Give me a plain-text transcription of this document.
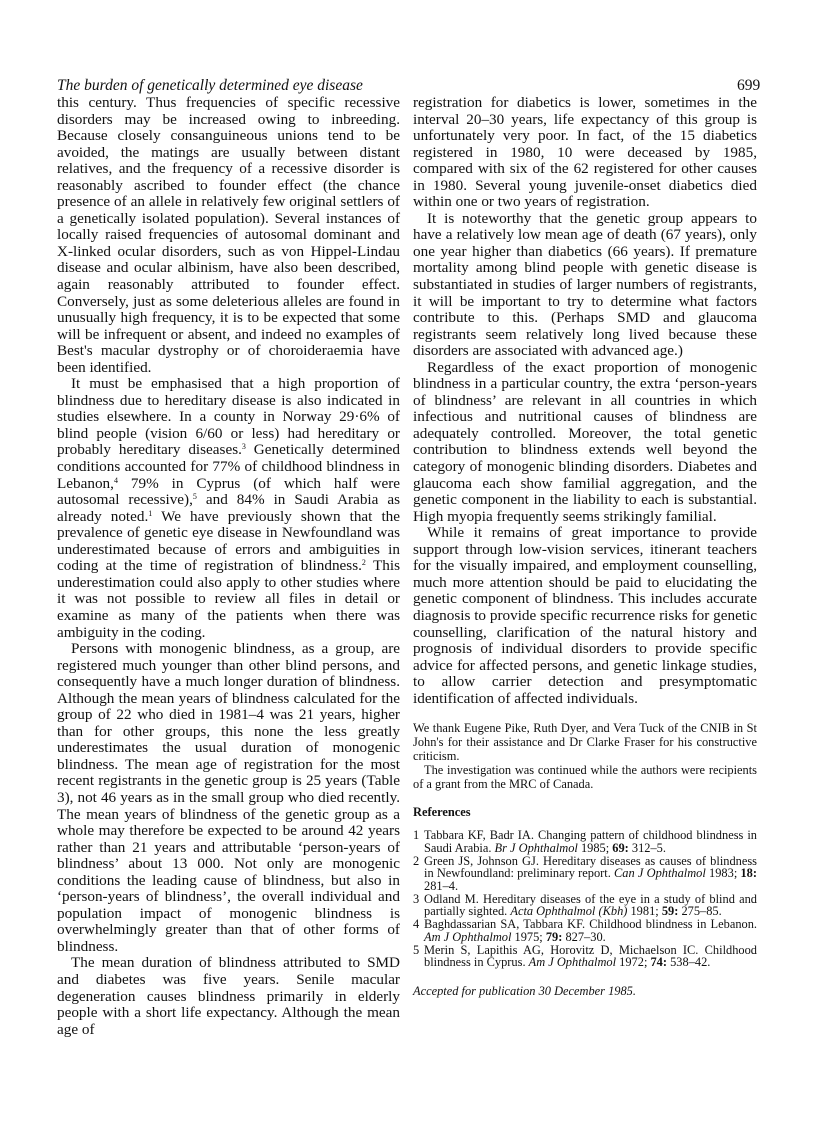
The burden of genetically determined eye disease	699

this century. Thus frequencies of specific recessive disorders may be increased owing to inbreeding. Because closely consanguineous unions tend to be avoided, the matings are usually between distant relatives, and the frequency of a recessive disorder is reasonably ascribed to founder effect (the chance presence of an allele in relatively few original settlers of a genetically isolated population). Several instances of locally raised frequencies of autosomal dominant and X-linked ocular disorders, such as von Hippel-Lindau disease and ocular albinism, have also been described, again reasonably attributed to founder effect. Conversely, just as some deleterious alleles are found in unusually high frequency, it is to be expected that some will be infrequent or absent, and indeed no examples of Best's macular dystrophy or of choroideraemia have been identified.

It must be emphasised that a high proportion of blindness due to hereditary disease is also indicated in studies elsewhere. In a county in Norway 29·6% of blind people (vision 6/60 or less) had hereditary or probably hereditary diseases.$^3$ Genetically determined conditions accounted for 77% of childhood blindness in Lebanon,$^4$ 79% in Cyprus (of which half were autosomal recessive),$^5$ and 84% in Saudi Arabia as already noted.$^1$ We have previously shown that the prevalence of genetic eye disease in Newfoundland was underestimated because of errors and ambiguities in coding at the time of registration of blindness.$^2$ This underestimation could also apply to other studies where it was not possible to review all files in detail or examine as many of the patients when there was ambiguity in the coding.

Persons with monogenic blindness, as a group, are registered much younger than other blind persons, and consequently have a much longer duration of blindness. Although the mean years of blindness calculated for the group of 22 who died in 1981–4 was 21 years, higher than for other groups, this none the less greatly underestimates the usual duration of monogenic blindness. The mean age of registration for the most recent registrants in the genetic group is 25 years (Table 3), not 46 years as in the small group who died recently. The mean years of blindness of the genetic group as a whole may therefore be expected to be around 42 years rather than 21 years and attributable ‘person-years of blindness’ about 13 000. Not only are monogenic conditions the leading cause of blindness, but also in ‘person-years of blindness’, the overall individual and population impact of monogenic blindness is overwhelmingly greater than that of other forms of blindness.

The mean duration of blindness attributed to SMD and diabetes was five years. Senile macular degeneration causes blindness primarily in elderly people with a short life expectancy. Although the mean age of

registration for diabetics is lower, sometimes in the interval 20–30 years, life expectancy of this group is unfortunately very poor. In fact, of the 15 diabetics registered in 1980, 10 were deceased by 1985, compared with six of the 62 registered for other causes in 1980. Several young juvenile-onset diabetics died within one or two years of registration.

It is noteworthy that the genetic group appears to have a relatively low mean age of death (67 years), only one year higher than diabetics (66 years). If premature mortality among blind people with genetic disease is substantiated in studies of larger numbers of registrants, it will be important to try to determine what factors contribute to this. (Perhaps SMD and glaucoma registrants seem relatively long lived because these disorders are associated with advanced age.)

Regardless of the exact proportion of monogenic blindness in a particular country, the extra ‘person-years of blindness’ are relevant in all countries in which infectious and nutritional causes of blindness are adequately controlled. Moreover, the total genetic contribution to blindness extends well beyond the category of monogenic blinding disorders. Diabetes and glaucoma each show familial aggregation, and the genetic component in the liability to each is substantial. High myopia frequently seems strikingly familial.

While it remains of great importance to provide support through low-vision services, itinerant teachers for the visually impaired, and employment counselling, much more attention should be paid to elucidating the genetic component of blindness. This includes accurate diagnosis to provide specific recurrence risks for genetic counselling, clarification of the natural history and prognosis of individual disorders to provide specific advice for affected persons, and genetic linkage studies, to allow carrier detection and presymptomatic identification of affected individuals.

We thank Eugene Pike, Ruth Dyer, and Vera Tuck of the CNIB in St John's for their assistance and Dr Clarke Fraser for his constructive criticism.

The investigation was continued while the authors were recipients of a grant from the MRC of Canada.

References
1 Tabbara KF, Badr IA. Changing pattern of childhood blindness in Saudi Arabia. Br J Ophthalmol 1985; 69: 312–5.
2 Green JS, Johnson GJ. Hereditary diseases as causes of blindness in Newfoundland: preliminary report. Can J Ophthalmol 1983; 18: 281–4.
3 Odland M. Hereditary diseases of the eye in a study of blind and partially sighted. Acta Ophthalmol (Kbh) 1981; 59: 275–85.
4 Baghdassarian SA, Tabbara KF. Childhood blindness in Lebanon. Am J Ophthalmol 1975; 79: 827–30.
5 Merin S, Lapithis AG, Horovitz D, Michaelson IC. Childhood blindness in Cyprus. Am J Ophthalmol 1972; 74: 538–42.
Accepted for publication 30 December 1985.
